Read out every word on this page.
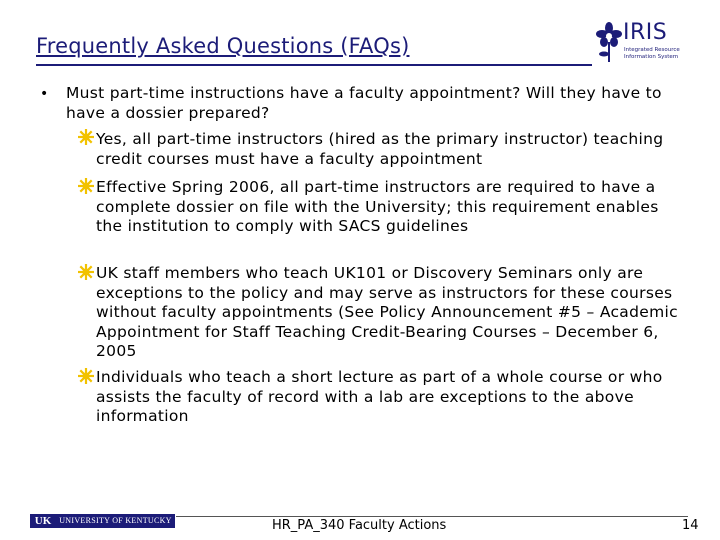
Frequently Asked Questions (FAQs)
IRIS
Integrated Resource Information System
• Must part-time instructions have a faculty appointment? Will they have to have a dossier prepared?
Yes, all part-time instructors (hired as the primary instructor) teaching credit courses must have a faculty appointment
Effective Spring 2006, all part-time instructors are required to have a complete dossier on file with the University; this requirement enables the institution to comply with SACS guidelines
UK staff members who teach UK101 or Discovery Seminars only are exceptions to the policy and may serve as instructors for these courses without faculty appointments (See Policy Announcement #5 – Academic Appointment for Staff Teaching Credit-Bearing Courses – December 6, 2005
Individuals who teach a short lecture as part of a whole course or who assists the faculty of record with a lab are exceptions to the above information
UK UNIVERSITY OF KENTUCKY	HR_PA_340 Faculty Actions	14
